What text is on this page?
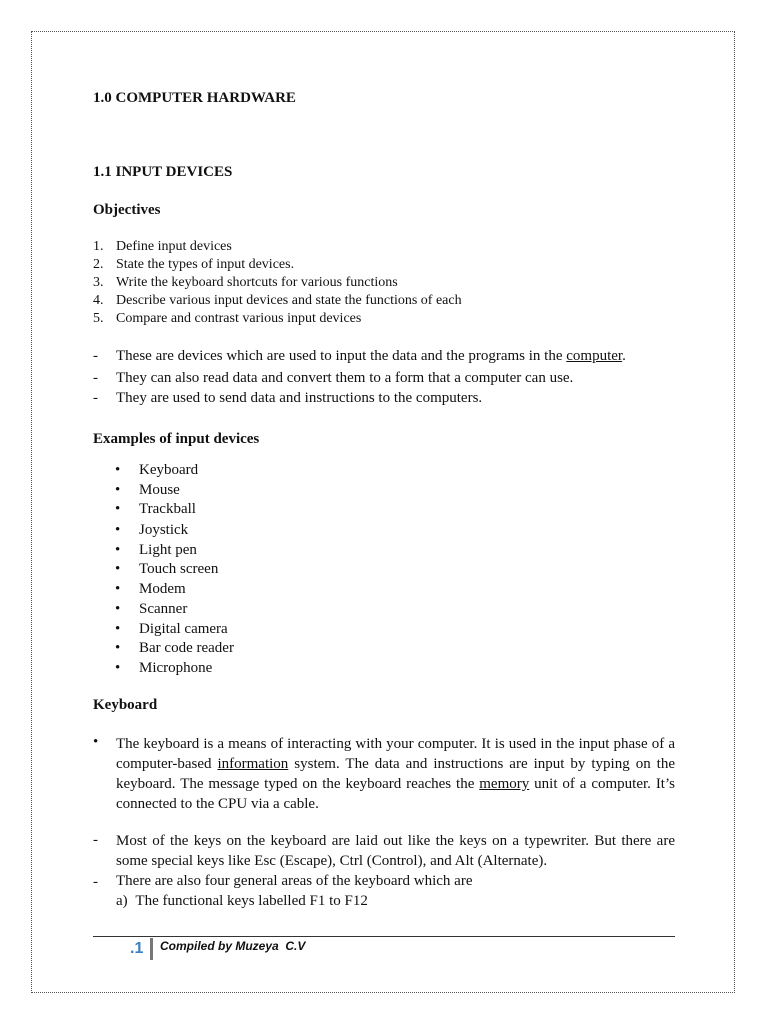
1.0 COMPUTER HARDWARE
1.1 INPUT DEVICES
Objectives
1. Define input devices
2. State the types of input devices.
3. Write the keyboard shortcuts for various functions
4. Describe various input devices and state the functions of each
5. Compare and contrast various input devices
-	These are devices which are used to input the data and the programs in the computer.
-	They can also read data and convert them to a form that a computer can use.
-	They are used to send data and instructions to the computers.
Examples of input devices
• Keyboard
• Mouse
• Trackball
• Joystick
• Light pen
• Touch screen
• Modem
• Scanner
• Digital camera
• Bar code reader
• Microphone
Keyboard
• The keyboard is a means of interacting with your computer. It is used in the input phase of a computer-based information system. The data and instructions are input by typing on the keyboard. The message typed on the keyboard reaches the memory unit of a computer. It’s connected to the CPU via a cable.
- Most of the keys on the keyboard are laid out like the keys on a typewriter. But there are some special keys like Esc (Escape), Ctrl (Control), and Alt (Alternate).
- There are also four general areas of the keyboard which are
a) The functional keys labelled F1 to F12
.1 Compiled by Muzeya  C.V
